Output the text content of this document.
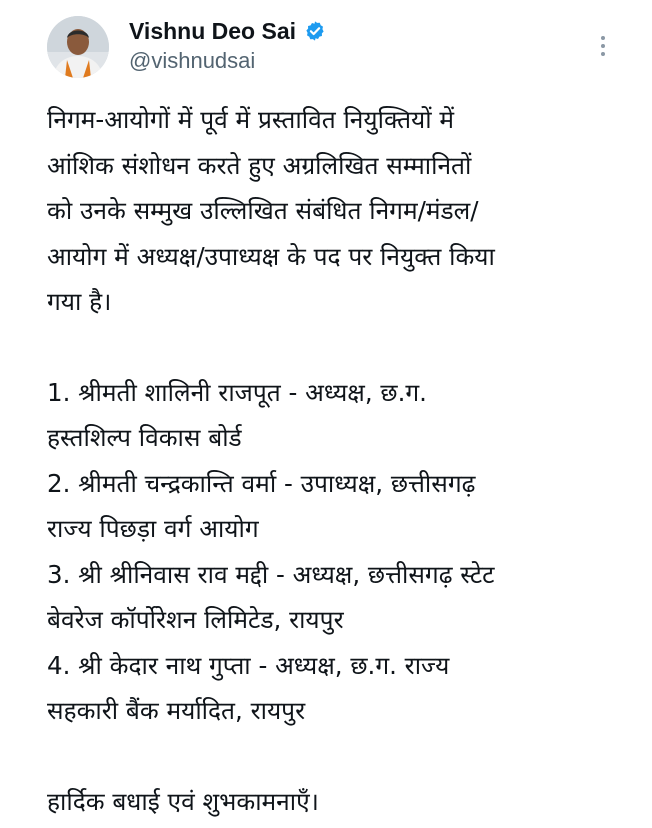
Vishnu Deo Sai
@vishnudsai
निगम-आयोगों में पूर्व में प्रस्तावित नियुक्तियों में
आंशिक संशोधन करते हुए अग्रलिखित सम्मानितों
को उनके सम्मुख उल्लिखित संबंधित निगम/मंडल/
आयोग में अध्यक्ष/उपाध्यक्ष के पद पर नियुक्त किया
गया है।
1. श्रीमती शालिनी राजपूत - अध्यक्ष, छ.ग.
हस्तशिल्प विकास बोर्ड
2. श्रीमती चन्द्रकान्ति वर्मा - उपाध्यक्ष, छत्तीसगढ़
राज्य पिछड़ा वर्ग आयोग
3. श्री श्रीनिवास राव मद्दी - अध्यक्ष, छत्तीसगढ़ स्टेट
बेवरेज कॉर्पोरेशन लिमिटेड, रायपुर
4. श्री केदार नाथ गुप्ता - अध्यक्ष, छ.ग. राज्य
सहकारी बैंक मर्यादित, रायपुर
हार्दिक बधाई एवं शुभकामनाएँ।
